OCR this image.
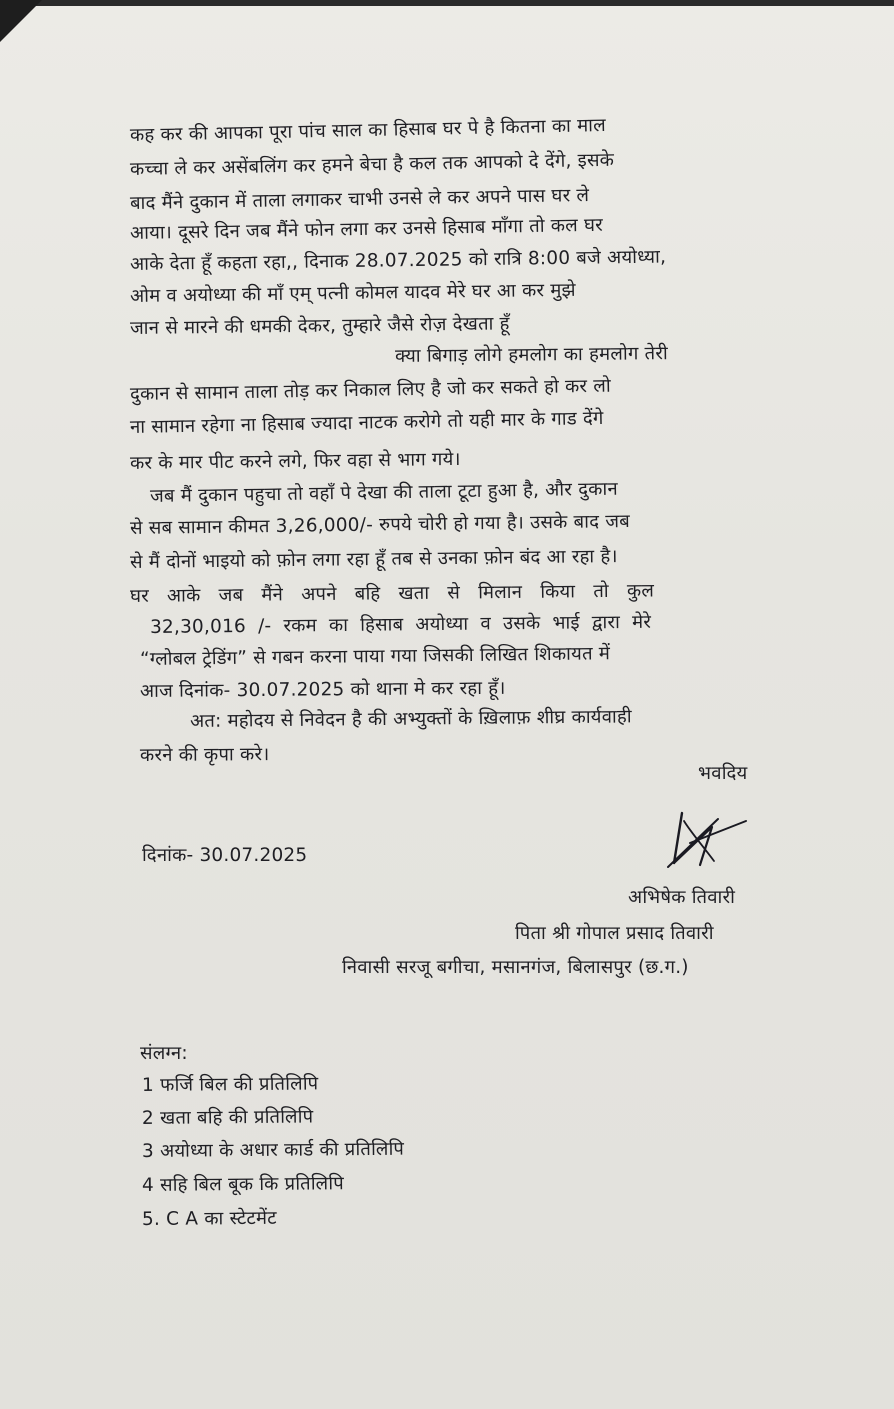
कह कर की आपका पूरा पांच साल का हिसाब घर पे है कितना का माल
कच्चा ले कर असेंबलिंग कर हमने बेचा है कल तक आपको दे देंगे, इसके
बाद मैंने दुकान में ताला लगाकर चाभी उनसे ले कर अपने पास घर ले
आया। दूसरे दिन जब मैंने फोन लगा कर उनसे हिसाब माँगा तो कल घर
आके देता हूँ कहता रहा,, दिनाक 28.07.2025 को रात्रि 8:00 बजे अयोध्या,
ओम व अयोध्या की माँ एम् पत्नी कोमल यादव मेरे घर आ कर मुझे
जान से मारने की धमकी देकर, तुम्हारे जैसे रोज़ देखता हूँ
क्या बिगाड़ लोगे हमलोग का हमलोग तेरी
दुकान से सामान ताला तोड़ कर निकाल लिए है जो कर सकते हो कर लो
ना सामान रहेगा ना हिसाब ज्यादा नाटक करोगे तो यही मार के गाड देंगे
कर के मार पीट करने लगे, फिर वहा से भाग गये।
जब मैं दुकान पहुचा तो वहाँ पे देखा की ताला टूटा हुआ है, और दुकान
से सब सामान कीमत 3,26,000/- रुपये चोरी हो गया है। उसके बाद जब
से मैं दोनों भाइयो को फ़ोन लगा रहा हूँ तब से उनका फ़ोन बंद आ रहा है।
घर आके जब मैंने अपने बहि खता से मिलान किया तो कुल
32,30,016 /- रकम का हिसाब अयोध्या व उसके भाई द्वारा मेरे
“ग्लोबल ट्रेडिंग” से गबन करना पाया गया जिसकी लिखित शिकायत में
आज दिनांक- 30.07.2025 को थाना मे कर रहा हूँ।
अत: महोदय से निवेदन है की अभ्युक्तों के ख़िलाफ़ शीघ्र कार्यवाही
करने की कृपा करे।
भवदिय
दिनांक- 30.07.2025
अभिषेक तिवारी
पिता श्री गोपाल प्रसाद तिवारी
निवासी सरजू बगीचा, मसानगंज, बिलासपुर (छ.ग.)
संलग्न:
1 फर्जि बिल की प्रतिलिपि
2 खता बहि की प्रतिलिपि
3 अयोध्या के अधार कार्ड की प्रतिलिपि
4 सहि बिल बूक कि प्रतिलिपि
5. C A का स्टेटमेंट
